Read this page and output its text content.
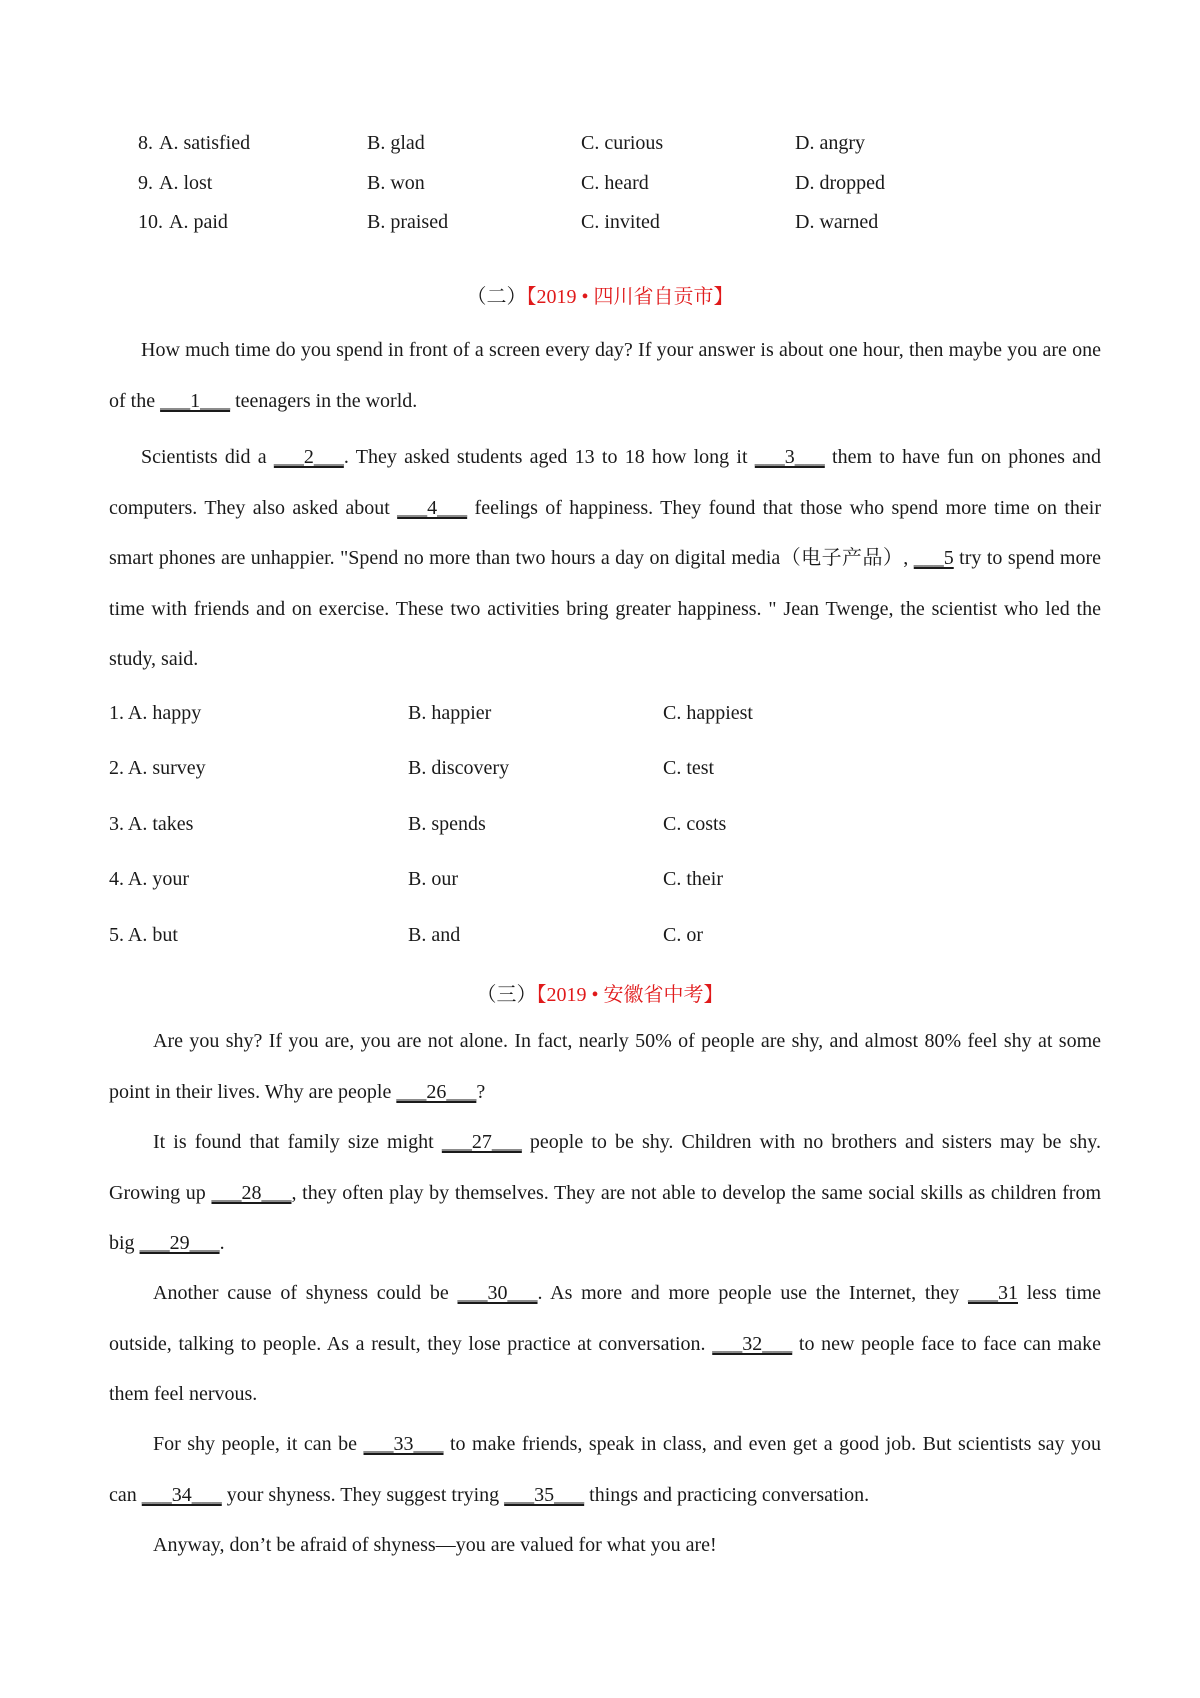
8. A. satisfied	B. glad	C. curious	D. angry
9. A. lost	B. won	C. heard	D. dropped
10. A. paid	B. praised	C. invited	D. warned
（二）【2019 • 四川省自贡市】

How much time do you spend in front of a screen every day? If your answer is about one hour, then maybe you are one of the ___1___ teenagers in the world.

Scientists did a ___2___. They asked students aged 13 to 18 how long it ___3___ them to have fun on phones and computers. They also asked about ___4___ feelings of happiness. They found that those who spend more time on their smart phones are unhappier. "Spend no more than two hours a day on digital media（电子产品）, ___5 try to spend more time with friends and on exercise. These two activities bring greater happiness. " Jean Twenge, the scientist who led the study, said.

1. A. happy	B. happier	C. happiest
2. A. survey	B. discovery	C. test
3. A. takes	B. spends	C. costs
4. A. your	B. our	C. their
5. A. but	B. and	C. or
（三）【2019 • 安徽省中考】

Are you shy? If you are, you are not alone. In fact, nearly 50% of people are shy, and almost 80% feel shy at some point in their lives. Why are people ___26___?

It is found that family size might ___27___ people to be shy. Children with no brothers and sisters may be shy. Growing up ___28___, they often play by themselves. They are not able to develop the same social skills as children from big ___29___.

Another cause of shyness could be ___30___. As more and more people use the Internet, they ___31 less time outside, talking to people. As a result, they lose practice at conversation. ___32___ to new people face to face can make them feel nervous.

For shy people, it can be ___33___ to make friends, speak in class, and even get a good job. But scientists say you can ___34___ your shyness. They suggest trying ___35___ things and practicing conversation.

Anyway, don’t be afraid of shyness—you are valued for what you are!
